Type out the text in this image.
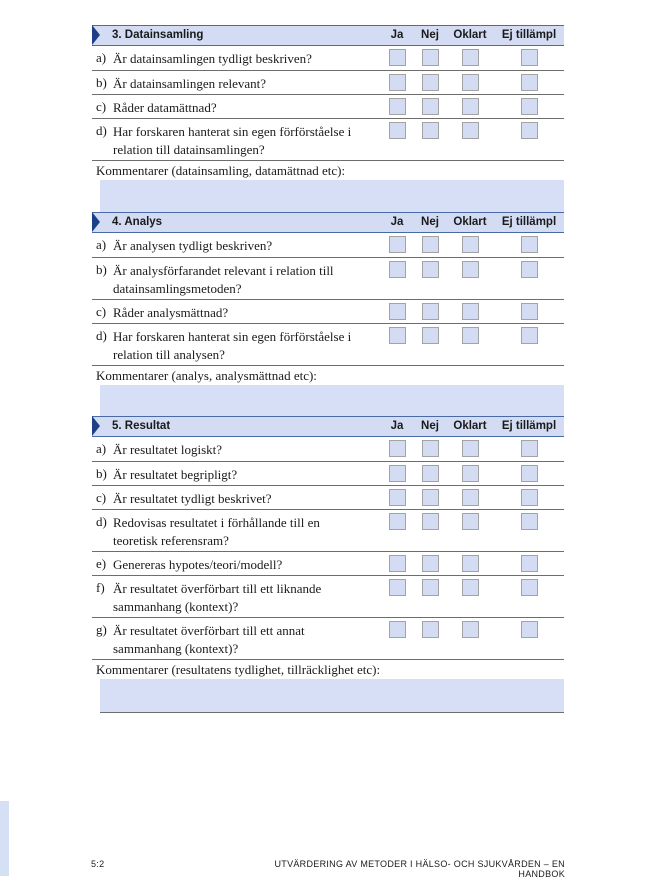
3. Datainsamling	Ja	Nej	Oklart	Ej tillämpl
a) Är datainsamlingen tydligt beskriven?
b) Är datainsamlingen relevant?
c) Råder datamättnad?
d) Har forskaren hanterat sin egen förförståelse i relation till datainsamlingen?
Kommentarer (datainsamling, datamättnad etc):
4. Analys	Ja	Nej	Oklart	Ej tillämpl
a) Är analysen tydligt beskriven?
b) Är analysförfarandet relevant i relation till datainsamlingsmetoden?
c) Råder analysmättnad?
d) Har forskaren hanterat sin egen förförståelse i relation till analysen?
Kommentarer (analys, analysmättnad etc):
5. Resultat	Ja	Nej	Oklart	Ej tillämpl
a) Är resultatet logiskt?
b) Är resultatet begripligt?
c) Är resultatet tydligt beskrivet?
d) Redovisas resultatet i förhållande till en teoretisk referensram?
e) Genereras hypotes/teori/modell?
f) Är resultatet överförbart till ett liknande sammanhang (kontext)?
g) Är resultatet överförbart till ett annat sammanhang (kontext)?
Kommentarer (resultatens tydlighet, tillräcklighet etc):
5:2	UTVÄRDERING AV METODER I HÄLSO- OCH SJUKVÅRDEN – EN HANDBOK
